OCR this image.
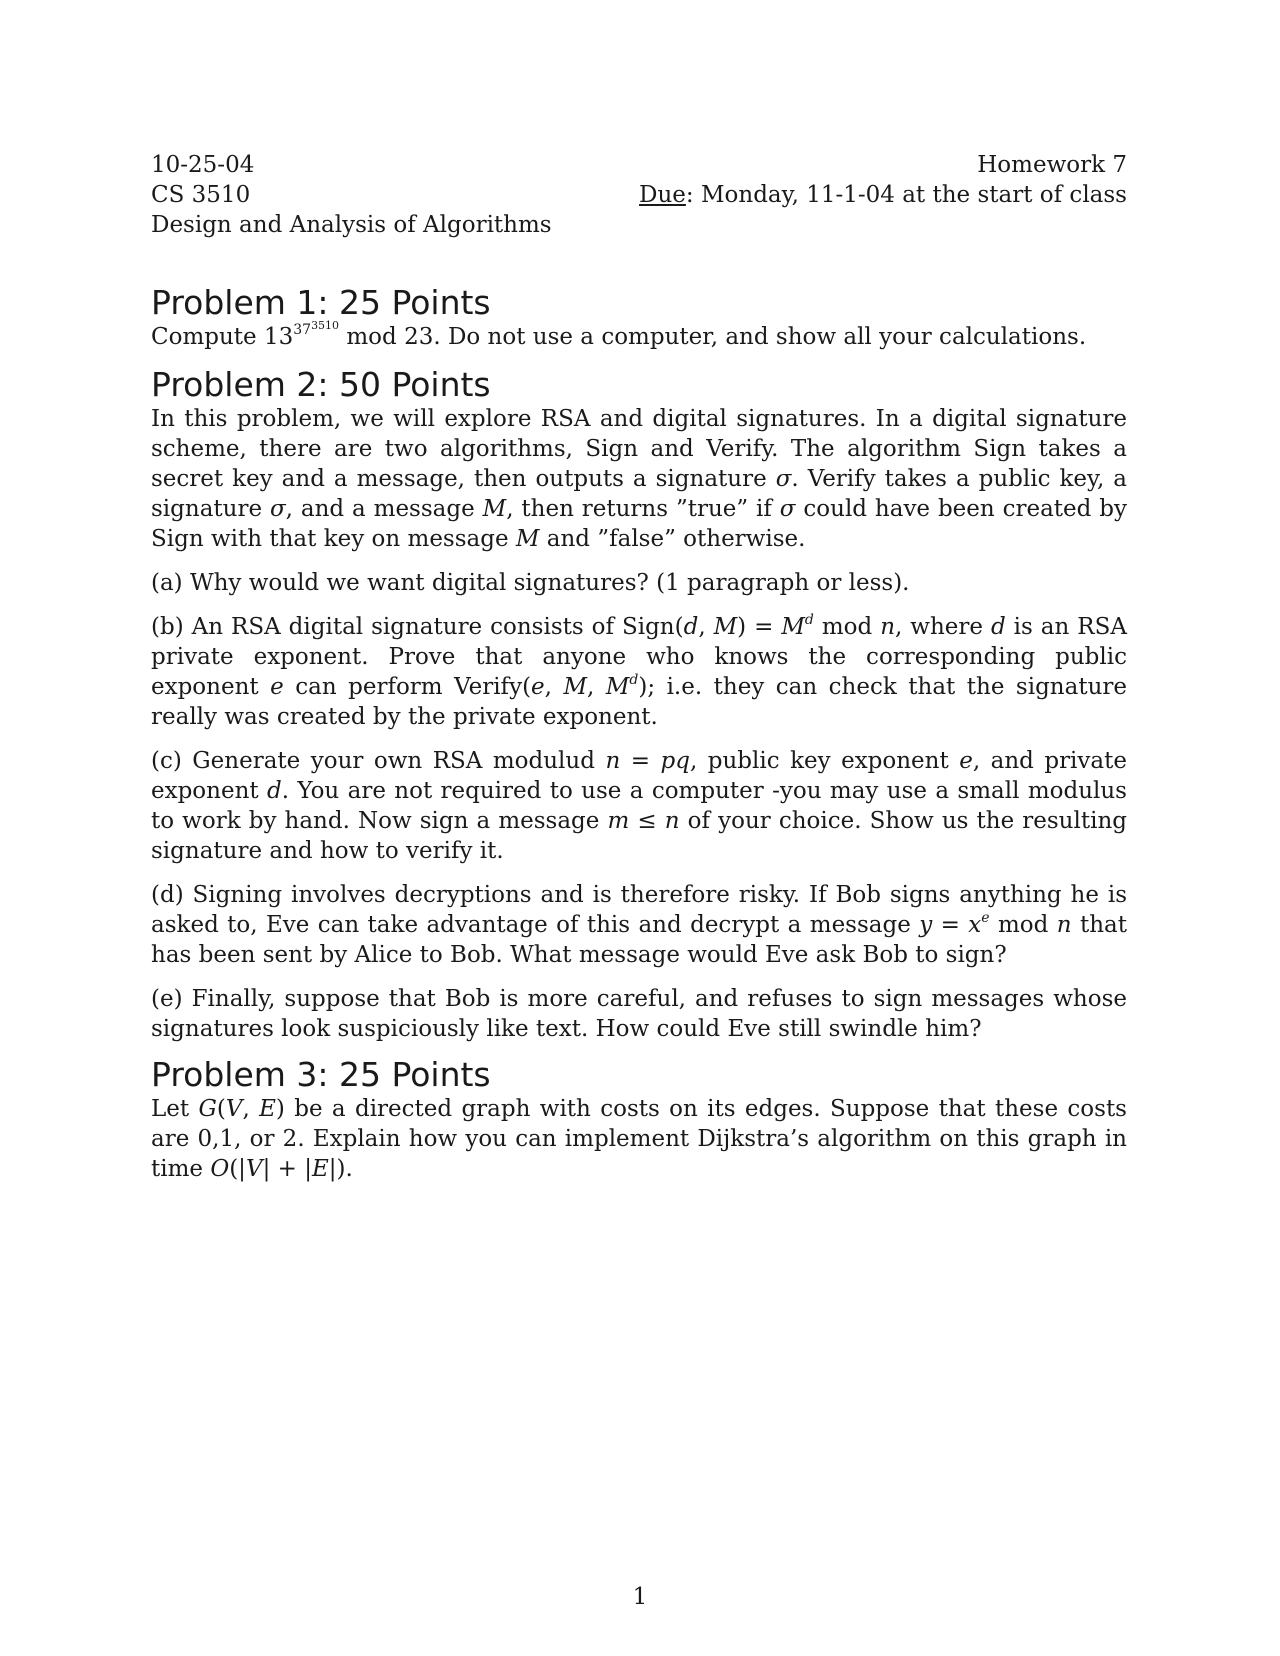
10-25-04
CS 3510
Design and Analysis of Algorithms
Homework 7
Due: Monday, 11-1-04 at the start of class
Problem 1: 25 Points

Compute $13^{37^{3510}}$ mod 23. Do not use a computer, and show all your calculations.

Problem 2: 50 Points

In this problem, we will explore RSA and digital signatures. In a digital signature scheme, there are two algorithms, Sign and Verify. The algorithm Sign takes a secret key and a message, then outputs a signature σ. Verify takes a public key, a signature σ, and a message M, then returns ”true” if σ could have been created by Sign with that key on message M and ”false” otherwise.

(a) Why would we want digital signatures? (1 paragraph or less).

(b) An RSA digital signature consists of Sign(d, $M) = M^d$ mod n, where d is an RSA private exponent. Prove that anyone who knows the corresponding public exponent e can perform Verify(e, M, $M^d$); i.e. they can check that the signature really was created by the private exponent.

(c) Generate your own RSA modulud n = pq, public key exponent e, and private exponent d. You are not required to use a computer -you may use a small modulus to work by hand. Now sign a message m ≤ n of your choice. Show us the resulting signature and how to verify it.

(d) Signing involves decryptions and is therefore risky. If Bob signs anything he is asked to, Eve can take advantage of this and decrypt a message $y = x^e$ mod n that has been sent by Alice to Bob. What message would Eve ask Bob to sign?

(e) Finally, suppose that Bob is more careful, and refuses to sign messages whose signatures look suspiciously like text. How could Eve still swindle him?

Problem 3: 25 Points

Let G(V, E) be a directed graph with costs on its edges. Suppose that these costs are 0,1, or 2. Explain how you can implement Dijkstra’s algorithm on this graph in time O(|V| + |E|).

1
